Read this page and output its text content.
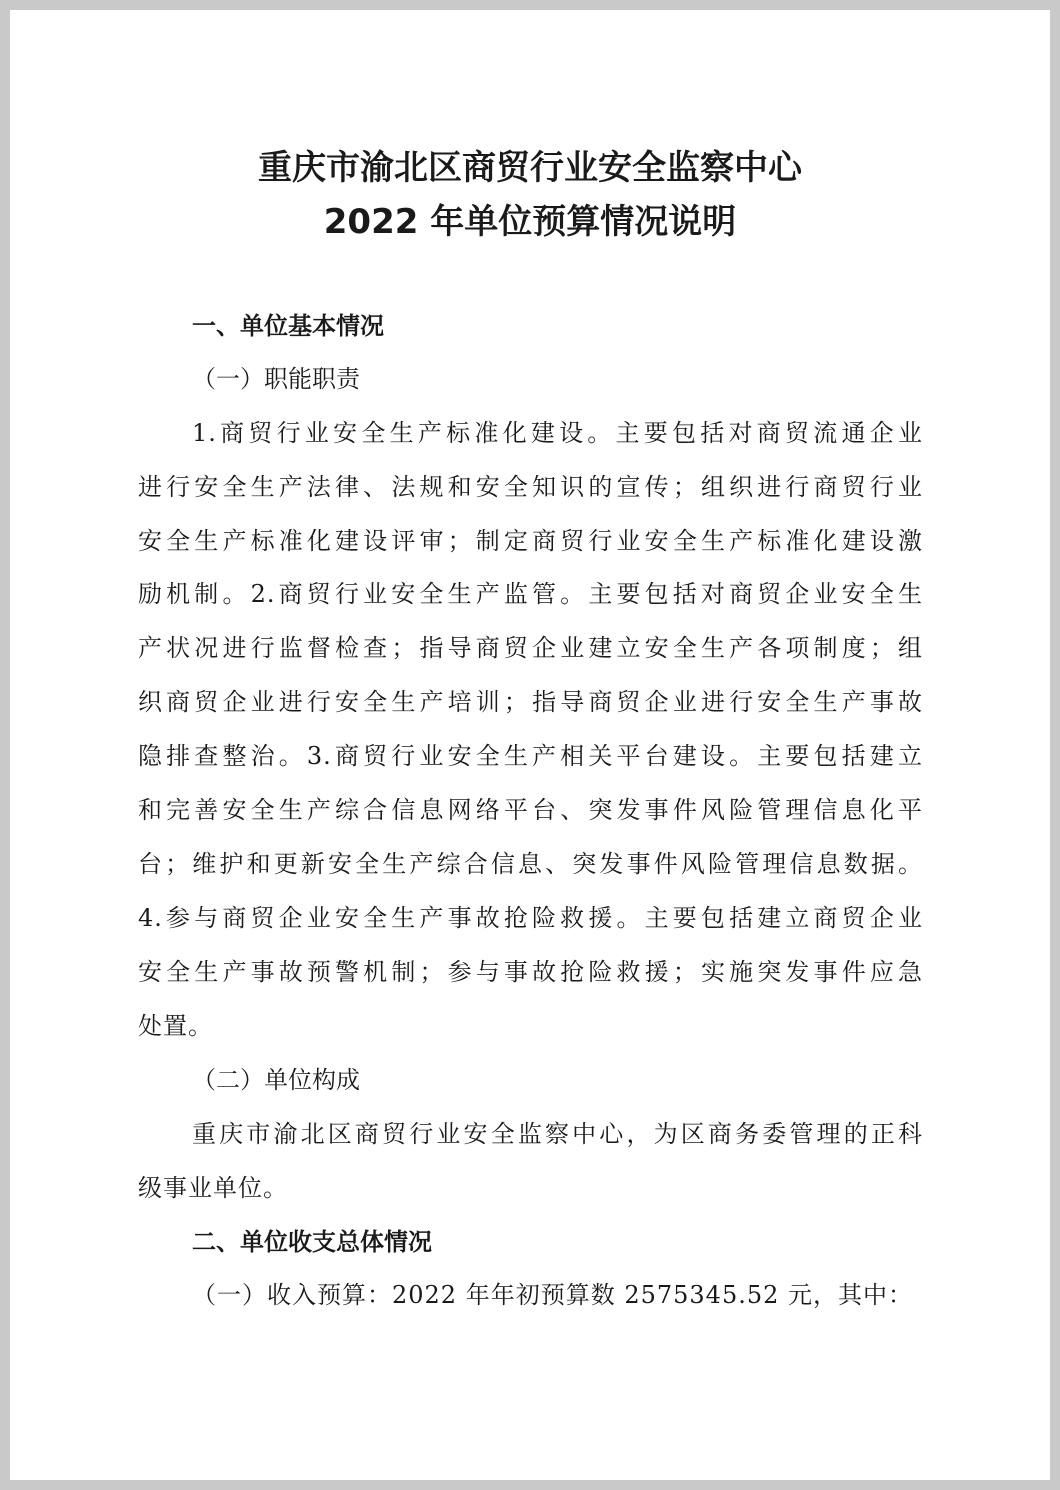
重庆市渝北区商贸行业安全监察中心
2022 年单位预算情况说明
一、单位基本情况
（一）职能职责
1.商贸行业安全生产标准化建设。主要包括对商贸流通企业
进行安全生产法律、法规和安全知识的宣传；组织进行商贸行业
安全生产标准化建设评审；制定商贸行业安全生产标准化建设激
励机制。2.商贸行业安全生产监管。主要包括对商贸企业安全生
产状况进行监督检查；指导商贸企业建立安全生产各项制度；组
织商贸企业进行安全生产培训；指导商贸企业进行安全生产事故
隐排查整治。3.商贸行业安全生产相关平台建设。主要包括建立
和完善安全生产综合信息网络平台、突发事件风险管理信息化平
台；维护和更新安全生产综合信息、突发事件风险管理信息数据。
4.参与商贸企业安全生产事故抢险救援。主要包括建立商贸企业
安全生产事故预警机制；参与事故抢险救援；实施突发事件应急
处置。
（二）单位构成
重庆市渝北区商贸行业安全监察中心，为区商务委管理的正科
级事业单位。
二、单位收支总体情况
（一）收入预算：2022 年年初预算数 2575345.52 元，其中：
